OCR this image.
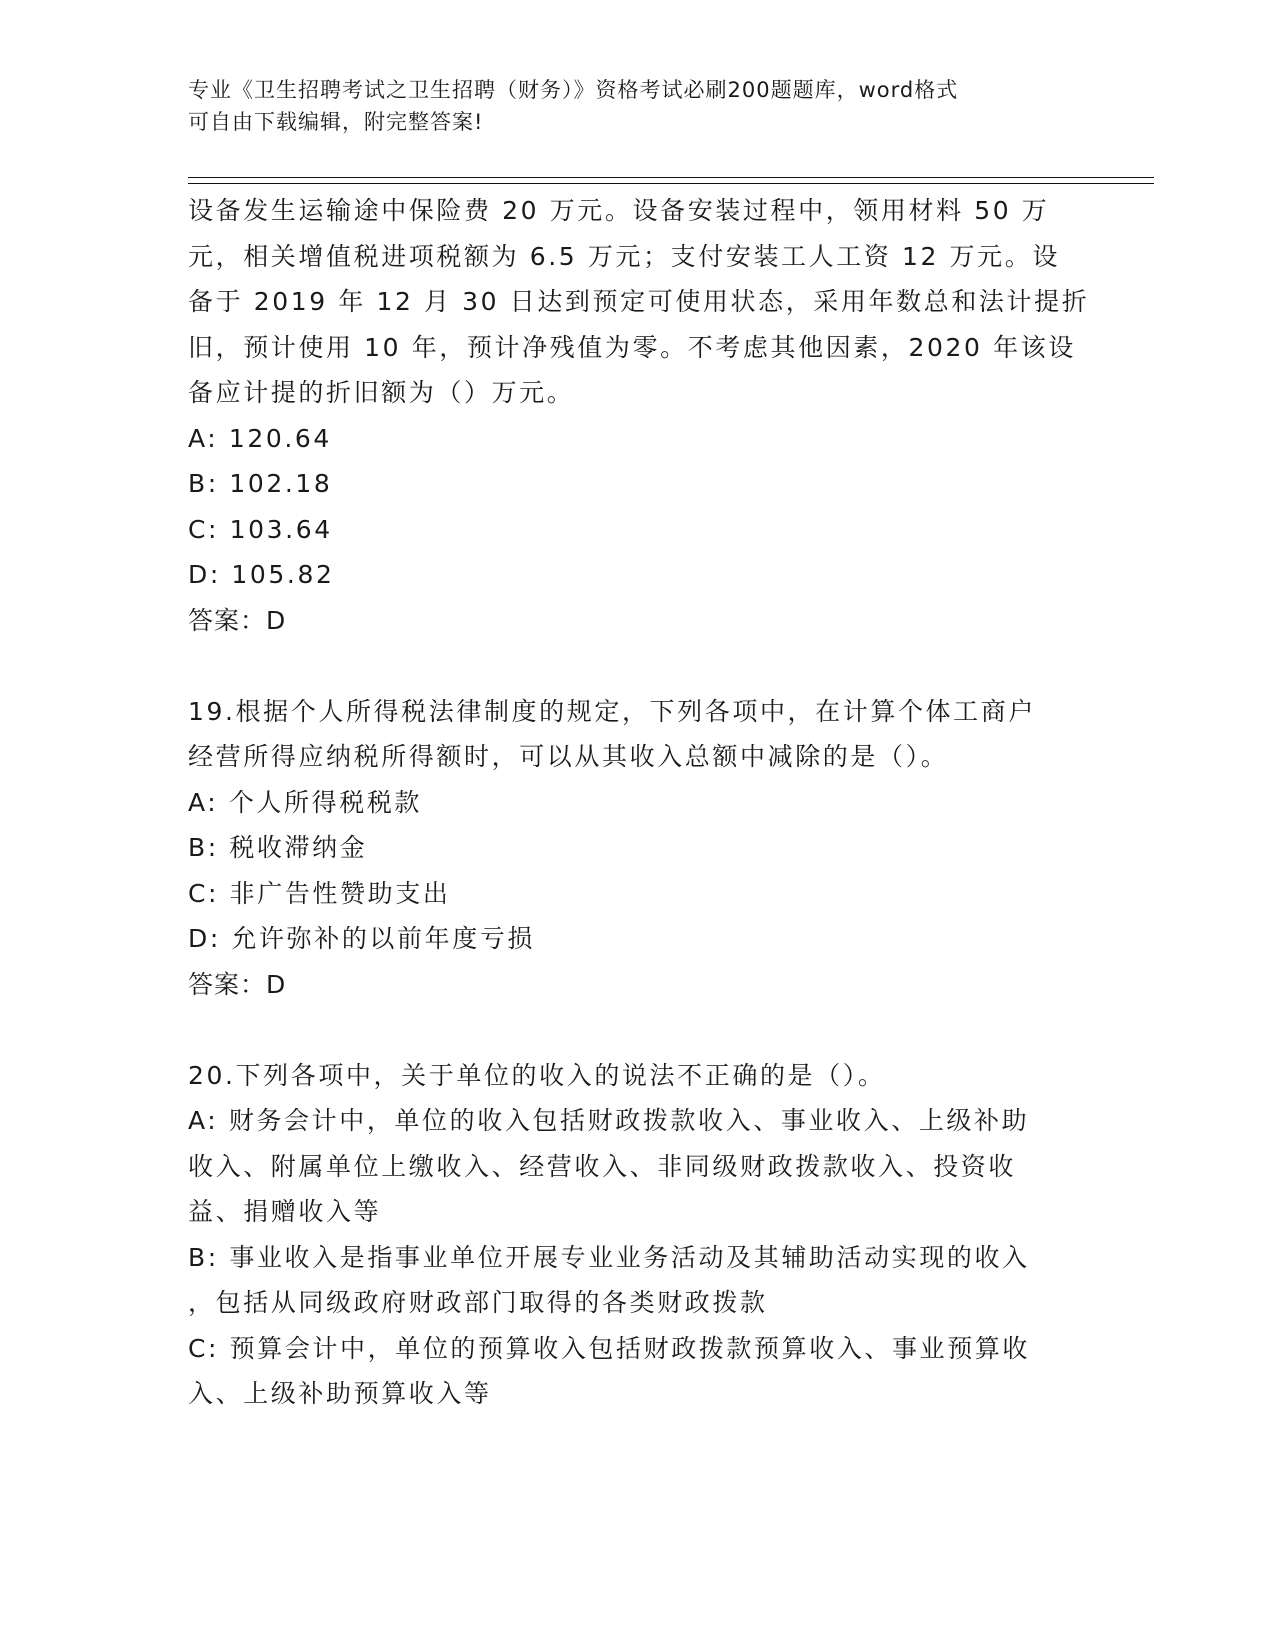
专业《卫生招聘考试之卫生招聘（财务）》资格考试必刷200题题库，word格式
可自由下载编辑，附完整答案!
设备发生运输途中保险费 20 万元。设备安装过程中，领用材料 50 万
元，相关增值税进项税额为 6.5 万元；支付安装工人工资 12 万元。设
备于 2019 年 12 月 30 日达到预定可使用状态，采用年数总和法计提折
旧，预计使用 10 年，预计净残值为零。不考虑其他因素，2020 年该设
备应计提的折旧额为（）万元。
A: 120.64
B: 102.18
C: 103.64
D: 105.82
答案：D
19.根据个人所得税法律制度的规定，下列各项中，在计算个体工商户
经营所得应纳税所得额时，可以从其收入总额中减除的是（）。
A: 个人所得税税款
B: 税收滞纳金
C: 非广告性赞助支出
D: 允许弥补的以前年度亏损
答案：D
20.下列各项中，关于单位的收入的说法不正确的是（）。
A: 财务会计中，单位的收入包括财政拨款收入、事业收入、上级补助
收入、附属单位上缴收入、经营收入、非同级财政拨款收入、投资收
益、捐赠收入等
B: 事业收入是指事业单位开展专业业务活动及其辅助活动实现的收入
，包括从同级政府财政部门取得的各类财政拨款
C: 预算会计中，单位的预算收入包括财政拨款预算收入、事业预算收
入、上级补助预算收入等
